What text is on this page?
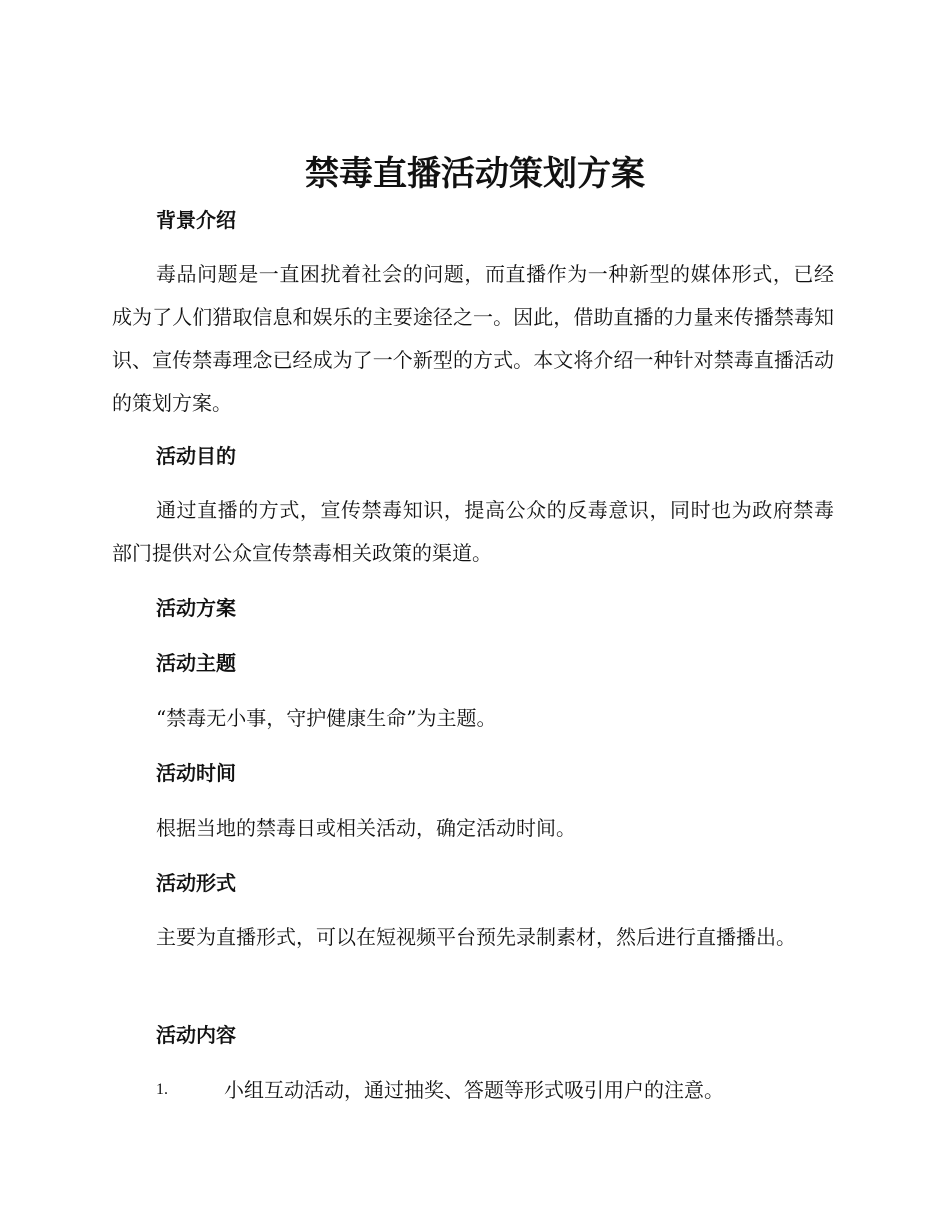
禁毒直播活动策划方案
背景介绍
毒品问题是一直困扰着社会的问题，而直播作为一种新型的媒体形式，已经成为了人们猎取信息和娱乐的主要途径之一。因此，借助直播的力量来传播禁毒知识、宣传禁毒理念已经成为了一个新型的方式。本文将介绍一种针对禁毒直播活动的策划方案。
活动目的
通过直播的方式，宣传禁毒知识，提高公众的反毒意识，同时也为政府禁毒部门提供对公众宣传禁毒相关政策的渠道。
活动方案
活动主题
“禁毒无小事，守护健康生命”为主题。
活动时间
根据当地的禁毒日或相关活动，确定活动时间。
活动形式
主要为直播形式，可以在短视频平台预先录制素材，然后进行直播播出。
活动内容
1.	小组互动活动，通过抽奖、答题等形式吸引用户的注意。
